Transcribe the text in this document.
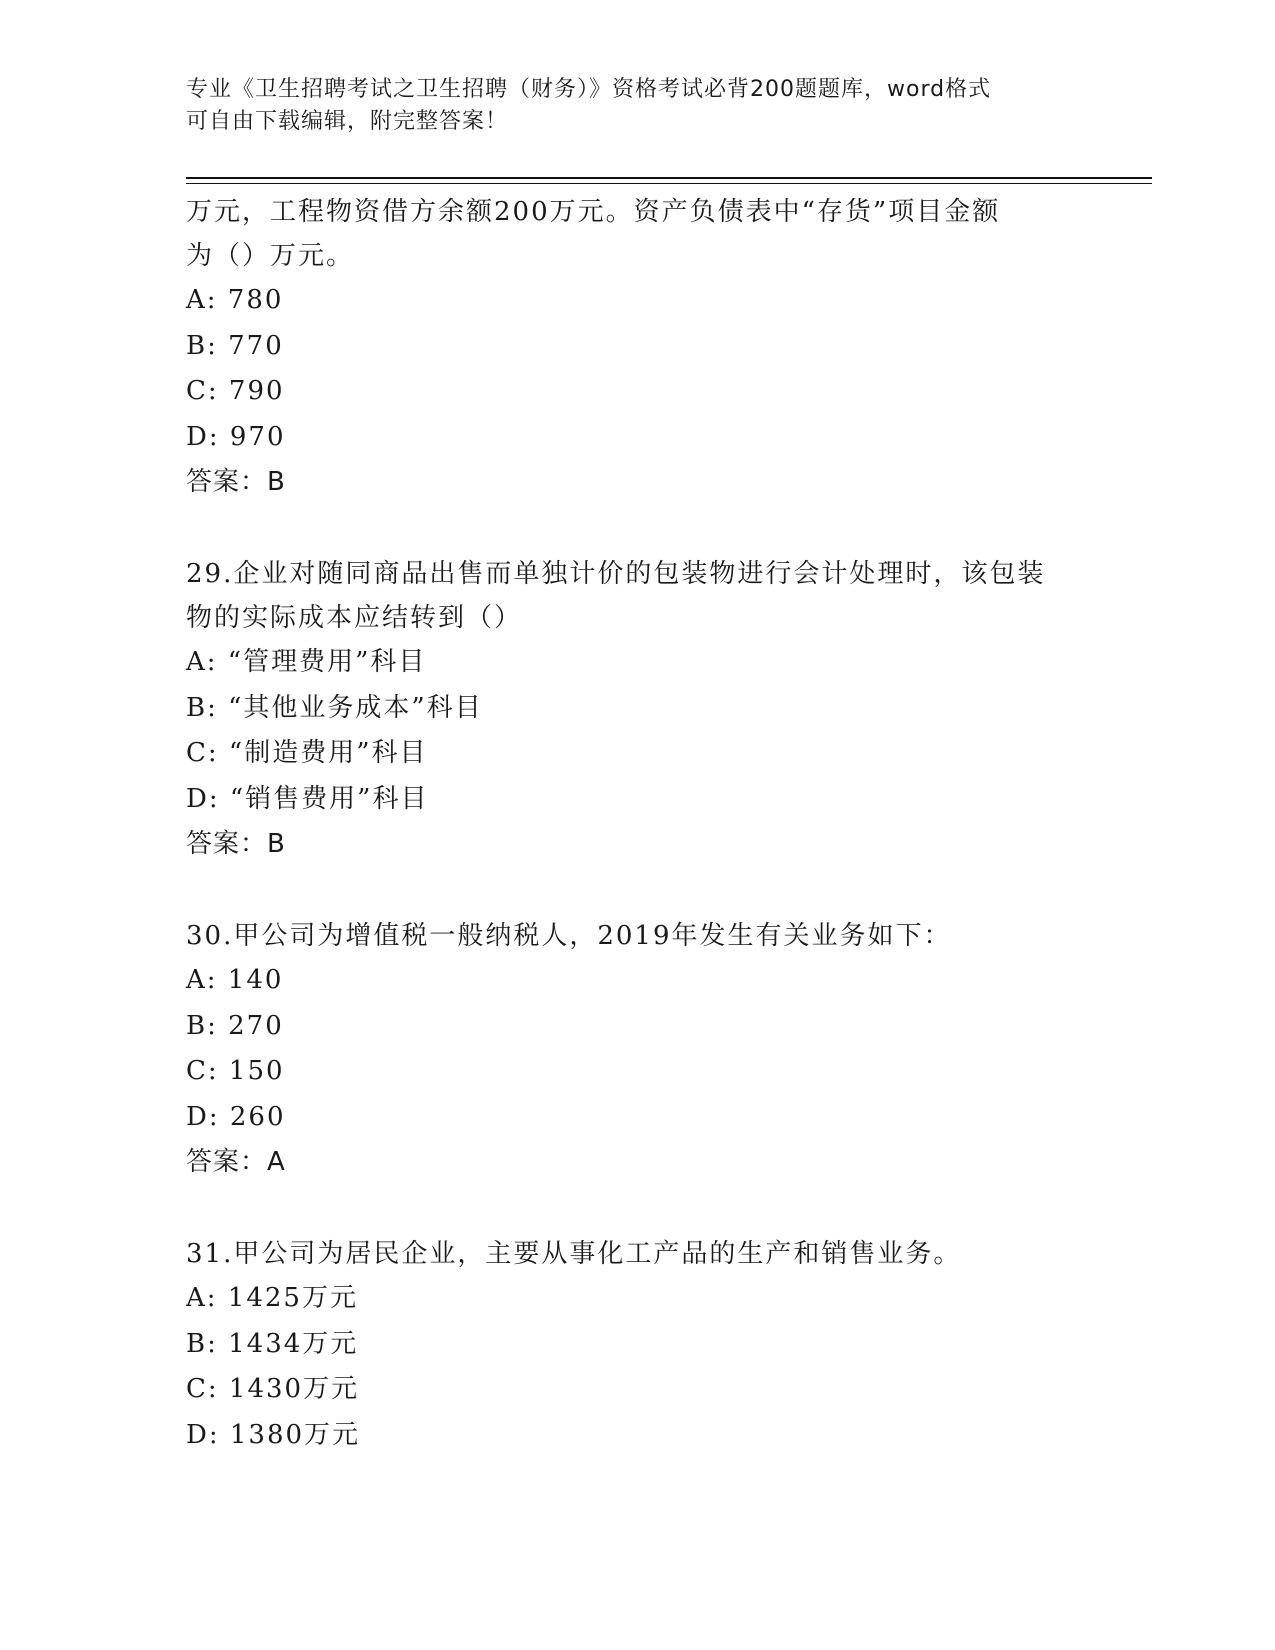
专业《卫生招聘考试之卫生招聘（财务）》资格考试必背200题题库，word格式
可自由下载编辑，附完整答案！
万元，工程物资借方余额200万元。资产负债表中“存货”项目金额
为（）万元。
A: 780
B: 770
C: 790
D: 970
答案：B
29.企业对随同商品出售而单独计价的包装物进行会计处理时，该包装
物的实际成本应结转到（）
A: “管理费用”科目
B: “其他业务成本”科目
C: “制造费用”科目
D: “销售费用”科目
答案：B
30.甲公司为增值税一般纳税人，2019年发生有关业务如下：
A: 140
B: 270
C: 150
D: 260
答案：A
31.甲公司为居民企业，主要从事化工产品的生产和销售业务。
A: 1425万元
B: 1434万元
C: 1430万元
D: 1380万元
